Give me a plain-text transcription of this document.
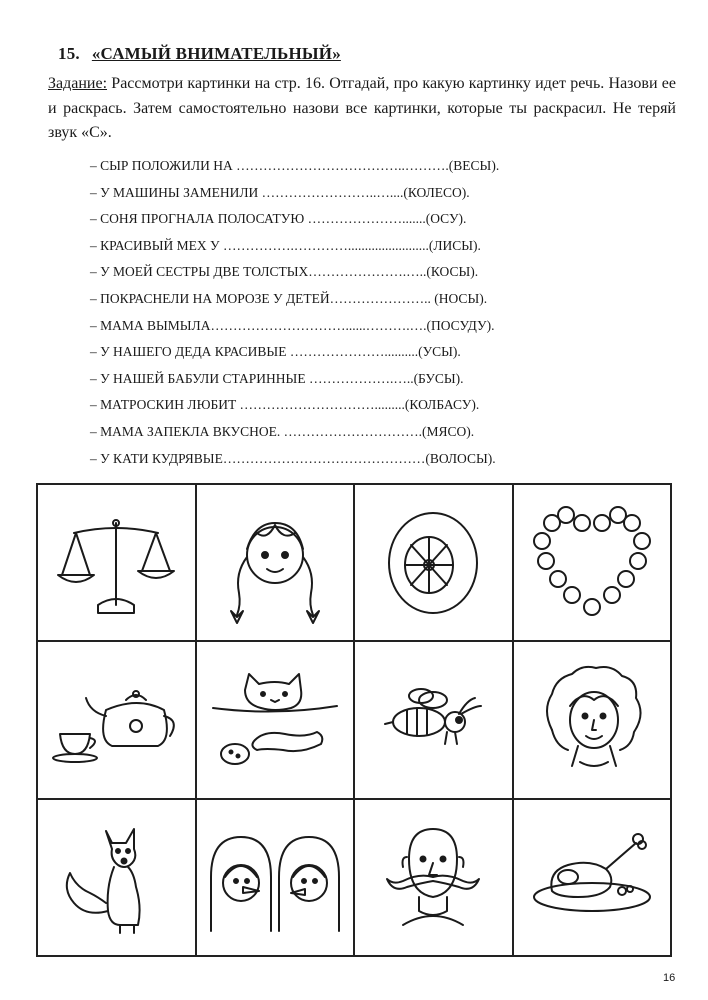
15. «САМЫЙ ВНИМАТЕЛЬНЫЙ»
Задание: Рассмотри картинки на стр. 16. Отгадай, про какую картинку идет речь. Назови ее и раскрась. Затем самостоятельно назови все картинки, которые ты раскрасил. Не теряй звук «С».
– СЫР ПОЛОЖИЛИ НА ………………………………..……….(ВЕСЫ).
– У МАШИНЫ ЗАМЕНИЛИ ……………………..…....(КОЛЕСО).
– СОНЯ ПРОГНАЛА ПОЛОСАТУЮ ………………….......(ОСУ).
– КРАСИВЫЙ МЕХ У …………….…………........................(ЛИСЫ).
– У МОЕЙ СЕСТРЫ ДВЕ ТОЛСТЫХ………………….…..(КОСЫ).
– ПОКРАСНЕЛИ НА МОРОЗЕ У ДЕТЕЙ………………….. (НОСЫ).
– МАМА ВЫМЫЛА…………………………......……….….(ПОСУДУ).
– У НАШЕГО ДЕДА КРАСИВЫЕ …………………..........(УСЫ).
– У НАШЕЙ БАБУЛИ СТАРИННЫЕ ……………….…..(БУСЫ).
– МАТРОСКИН ЛЮБИТ ………………………….........(КОЛБАСУ).
– МАМА ЗАПЕКЛА ВКУСНОЕ. ………………………….(МЯСО).
– У КАТИ КУДРЯВЫЕ………………………………………(ВОЛОСЫ).
16
